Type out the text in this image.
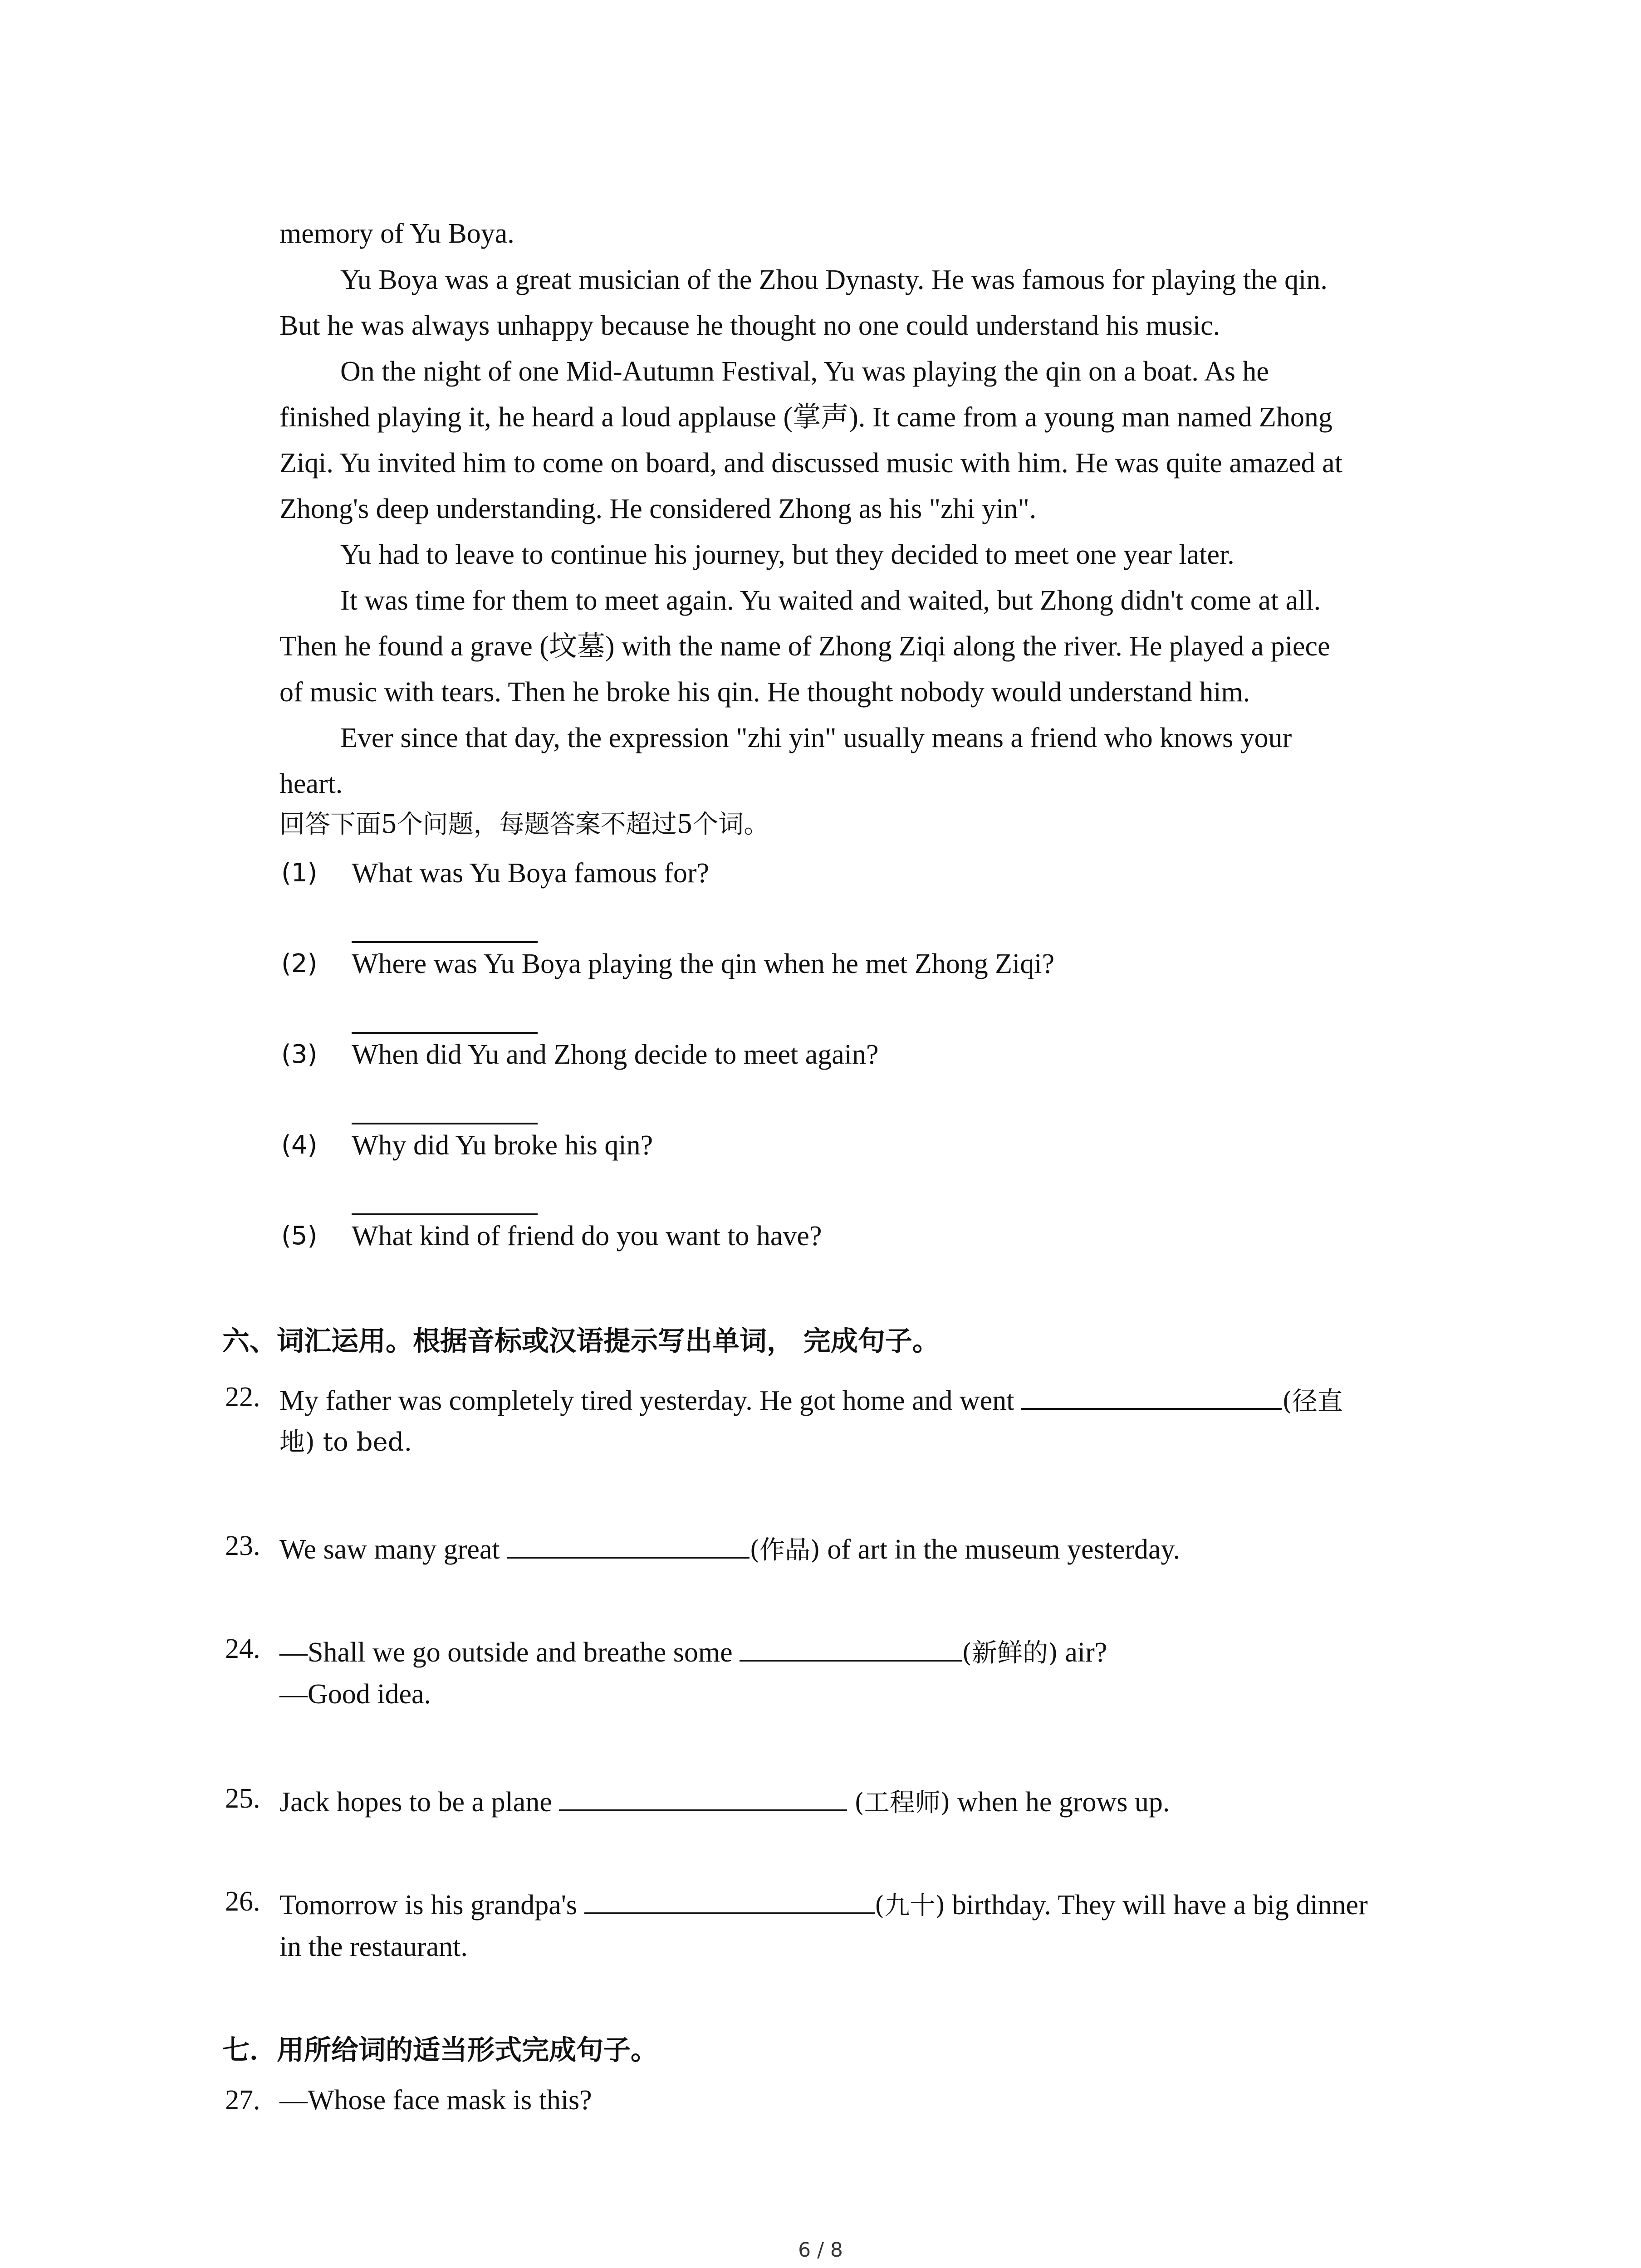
memory of Yu Boya.
Yu Boya was a great musician of the Zhou Dynasty. He was famous for playing the qin.
But he was always unhappy because he thought no one could understand his music.
On the night of one Mid-Autumn Festival, Yu was playing the qin on a boat. As he
finished playing it, he heard a loud applause (掌声). It came from a young man named Zhong
Ziqi. Yu invited him to come on board, and discussed music with him. He was quite amazed at
Zhong's deep understanding. He considered Zhong as his "zhi yin".
Yu had to leave to continue his journey, but they decided to meet one year later.
It was time for them to meet again. Yu waited and waited, but Zhong didn't come at all.
Then he found a grave (坟墓) with the name of Zhong Ziqi along the river. He played a piece
of music with tears. Then he broke his qin. He thought nobody would understand him.
Ever since that day, the expression "zhi yin" usually means a friend who knows your
heart.
回答下面5个问题，每题答案不超过5个词。
(1) What was Yu Boya famous for?
(2) Where was Yu Boya playing the qin when he met Zhong Ziqi?
(3) When did Yu and Zhong decide to meet again?
(4) Why did Yu broke his qin?
(5) What kind of friend do you want to have?
六、词汇运用。根据音标或汉语提示写出单词， 完成句子。
22. My father was completely tired yesterday. He got home and went	(径直
地) to bed.
23. We saw many great	(作品) of art in the museum yesterday.
24. —Shall we go outside and breathe some	(新鲜的) air?
—Good idea.
25. Jack hopes to be a plane	(工程师) when he grows up.
26. Tomorrow is his grandpa's	(九十) birthday. They will have a big dinner
in the restaurant.
七．用所给词的适当形式完成句子。
27. —Whose face mask is this?
6 / 8
